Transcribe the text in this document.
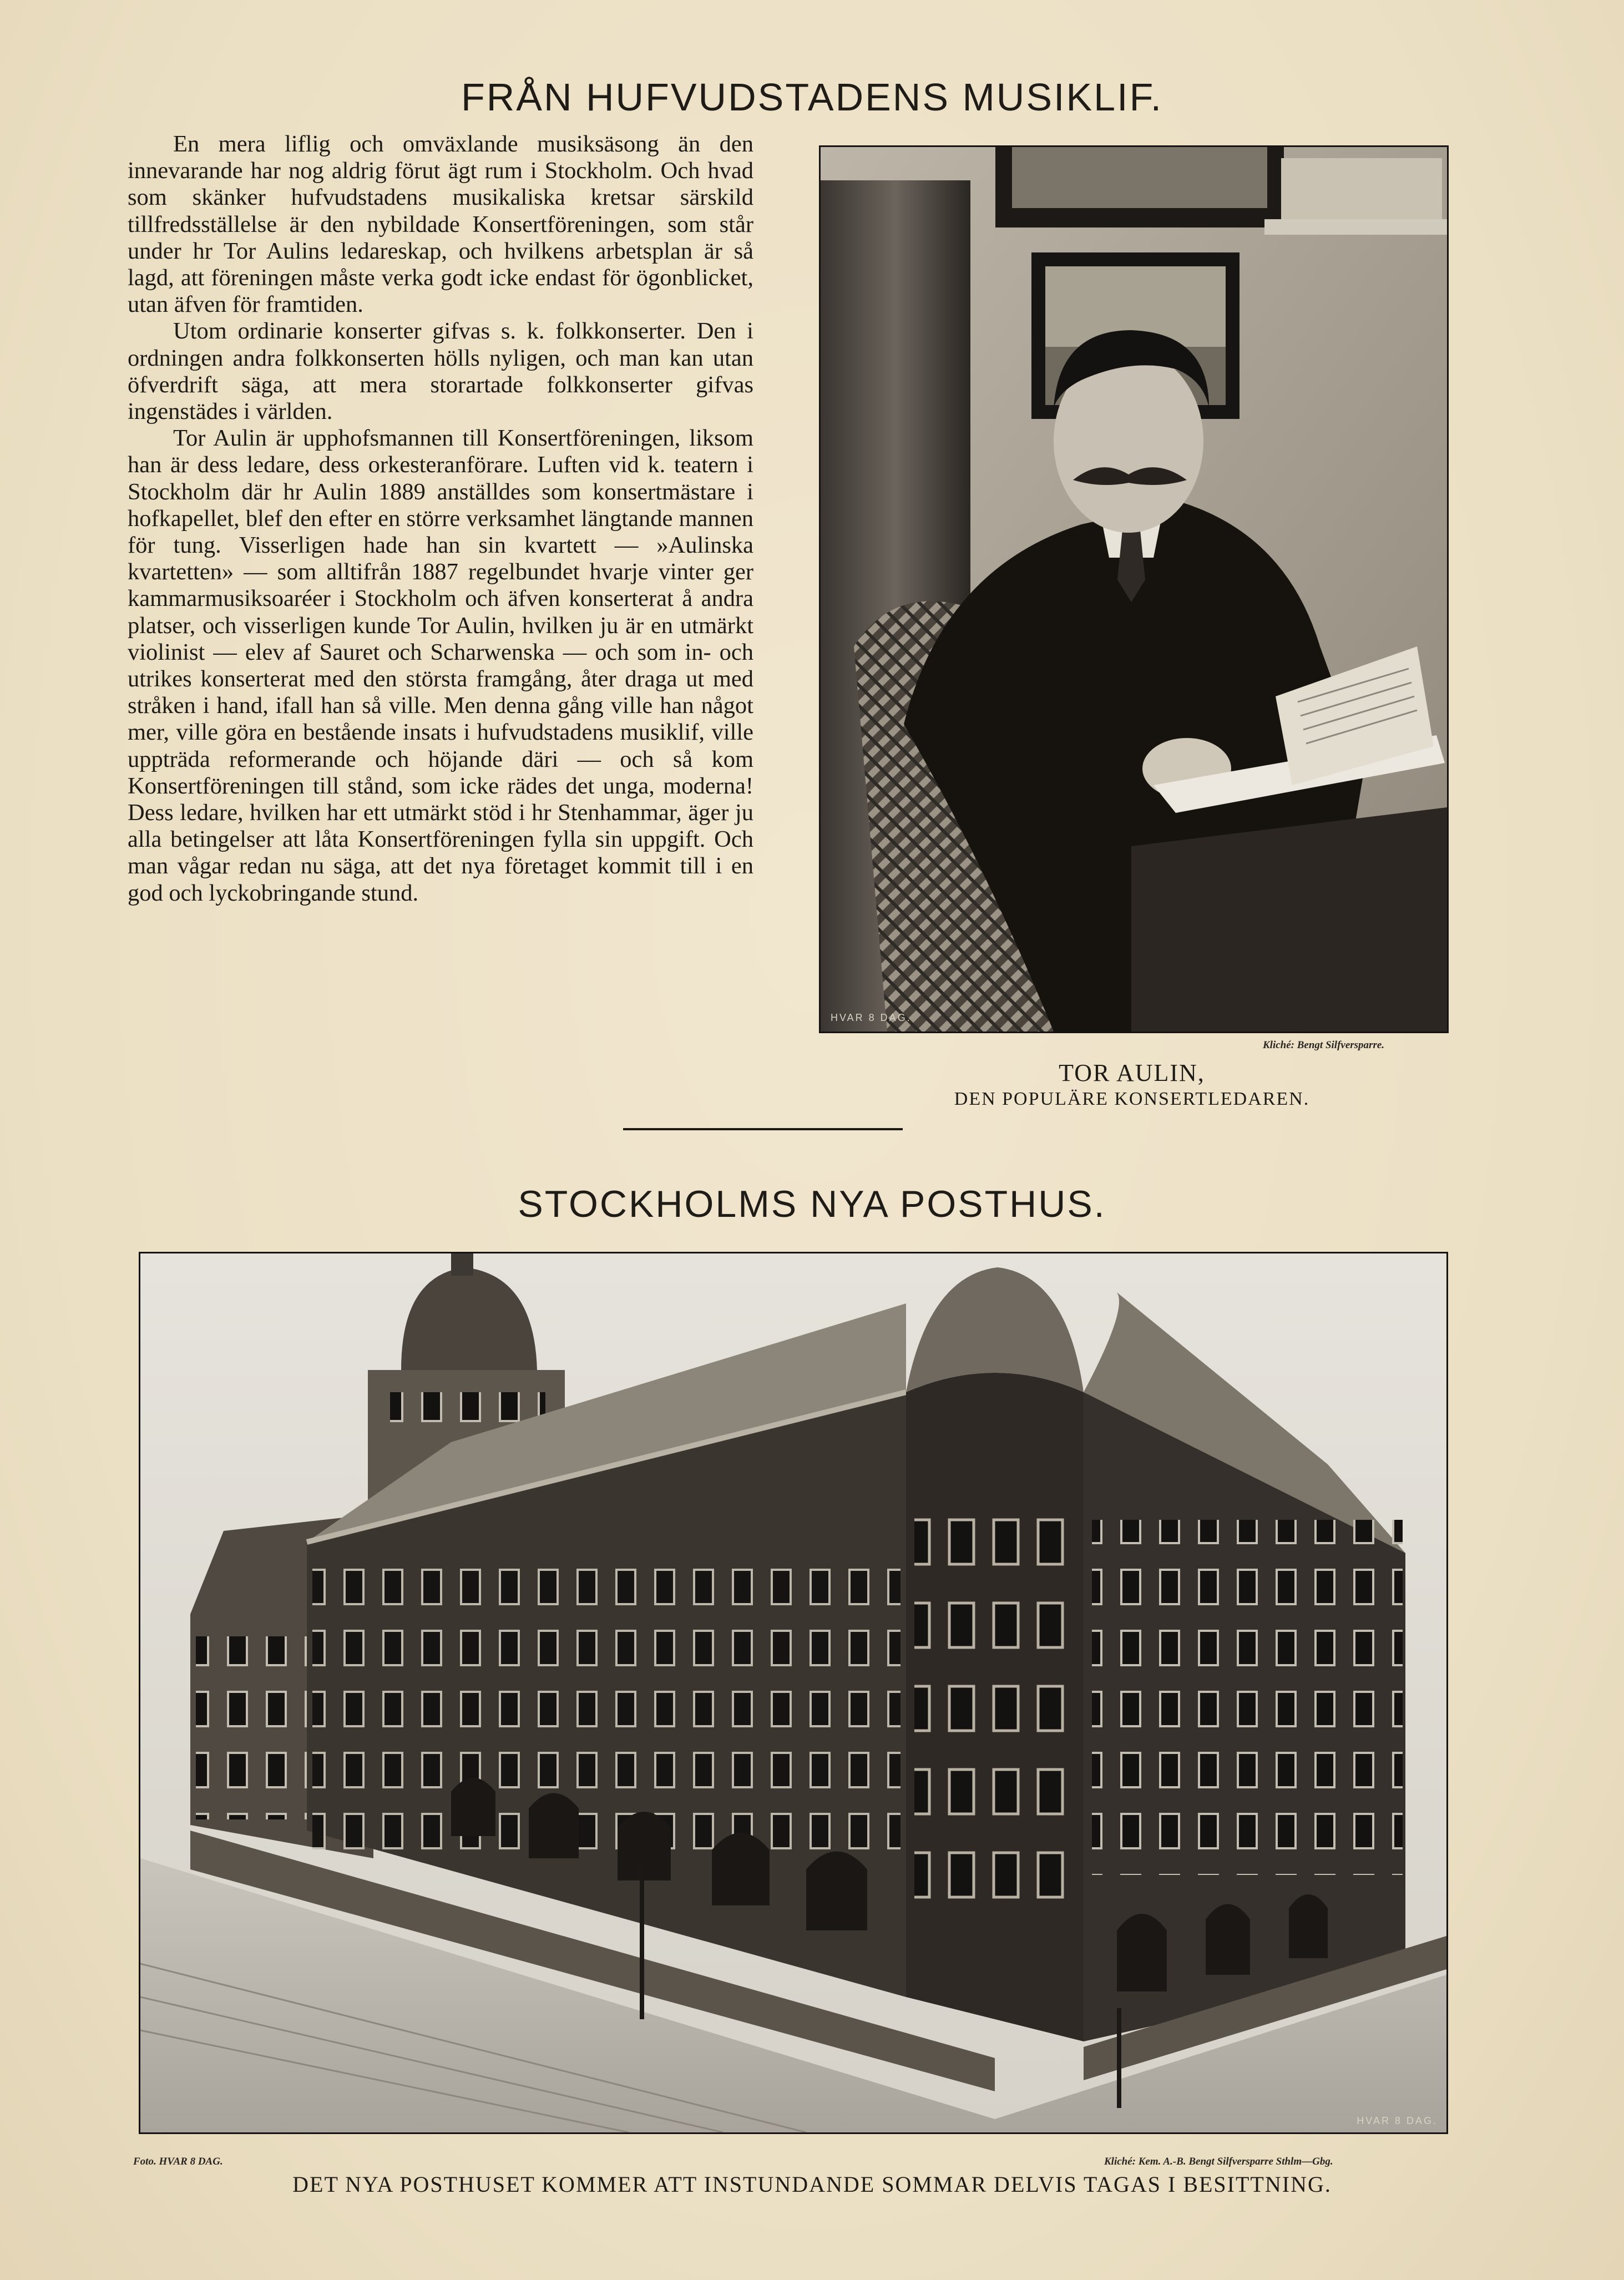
FRÅN HUFVUDSTADENS MUSIKLIF.

En mera liflig och omväxlande musiksäsong än den innevarande har nog aldrig förut ägt rum i Stockholm. Och hvad som skänker hufvudstadens musikaliska kretsar särskild tillfredsställelse är den nybildade Konsertföreningen, som står under hr Tor Aulins ledareskap, och hvilkens arbetsplan är så lagd, att föreningen måste verka godt icke endast för ögonblicket, utan äfven för framtiden.

Utom ordinarie konserter gifvas s. k. folkkonserter. Den i ordningen andra folkkonserten hölls nyligen, och man kan utan öfverdrift säga, att mera storartade folkkonserter gifvas ingenstädes i världen.

Tor Aulin är upphofsmannen till Konsertföreningen, liksom han är dess ledare, dess orkesteranförare. Luften vid k. teatern i Stockholm där hr Aulin 1889 anställdes som konsertmästare i hofkapellet, blef den efter en större verksamhet längtande mannen för tung. Visserligen hade han sin kvartett — »Aulinska kvartetten» — som alltifrån 1887 regelbundet hvarje vinter ger kammarmusiksoaréer i Stockholm och äfven konserterat å andra platser, och visserligen kunde Tor Aulin, hvilken ju är en utmärkt violinist — elev af Sauret och Scharwenska — och som in- och utrikes konserterat med den största framgång, åter draga ut med stråken i hand, ifall han så ville. Men denna gång ville han något mer, ville göra en bestående insats i hufvudstadens musiklif, ville uppträda reformerande och höjande däri — och så kom Konsertföreningen till stånd, som icke rädes det unga, moderna! Dess ledare, hvilken har ett utmärkt stöd i hr Stenhammar, äger ju alla betingelser att låta Konsertföreningen fylla sin uppgift. Och man vågar redan nu säga, att det nya företaget kommit till i en god och lyckobringande stund.

HVAR 8 DAG.
Kliché: Bengt Silfversparre.
TOR AULIN,
DEN POPULÄRE KONSERTLEDAREN.
STOCKHOLMS NYA POSTHUS.
HVAR 8 DAG.
Foto. HVAR 8 DAG.	Kliché: Kem. A.-B. Bengt Silfversparre Sthlm—Gbg.
DET NYA POSTHUSET KOMMER ATT INSTUNDANDE SOMMAR DELVIS TAGAS I BESITTNING.
